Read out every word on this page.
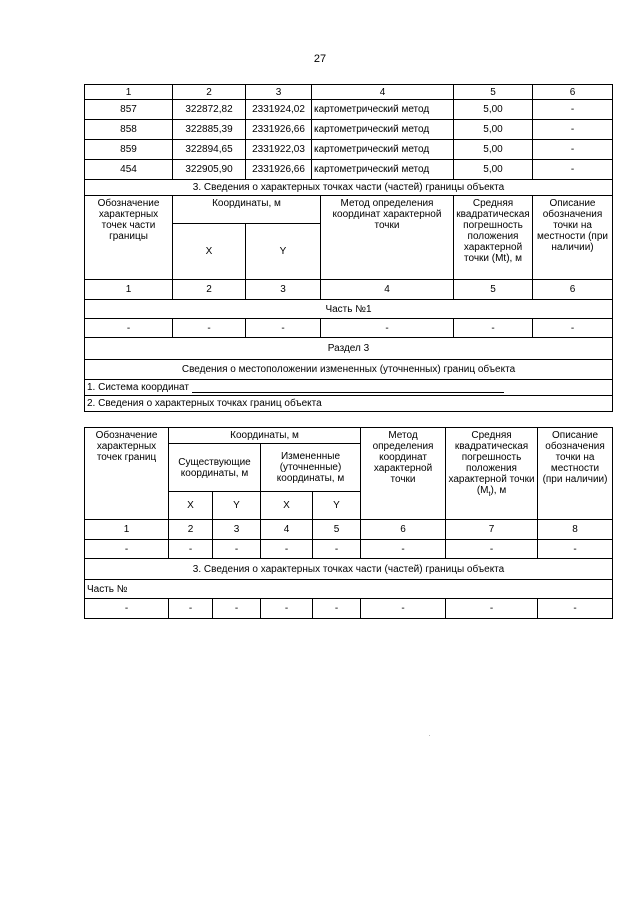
27
1	2	3	4		5	6
857	322872,82	2331924,02	картометрический метод		5,00	-
858	322885,39	2331926,66	картометрический метод		5,00	-
859	322894,65	2331922,03	картометрический метод		5,00	-
454	322905,90	2331926,66	картометрический метод		5,00	-
3. Сведения о характерных точках части (частей) границы объекта						
Обозначение характерных точек части границы	Координаты, м			Метод определения координат характерной точки	Средняя квадратическая погрешность положения характерной точки (Mt), м	Описание обозначения точки на местности (при наличии)
	X	Y				
1	2	3		4	5	6
Часть №1						
-	-	-		-	-	-
Раздел 3						
Сведения о местоположении измененных (уточненных) границ объекта						
1. Система координат						
2. Сведения о характерных точках границ объекта						
Обозначение характерных точек границ	Координаты, м				Метод определения координат характерной точки	Средняя квадратическая погрешность положения характерной точки $(M_t)$, м	Описание обозначения точки на местности (при наличии)
	Существующие координаты, м		Измененные (уточненные) координаты, м				
	X	Y	X	Y			
1	2	3	4	5	6	7	8
-	-	-	-	-	-	-	-
3. Сведения о характерных точках части (частей) границы объекта							
Часть №							
-	-	-	-	-	-	-	-
